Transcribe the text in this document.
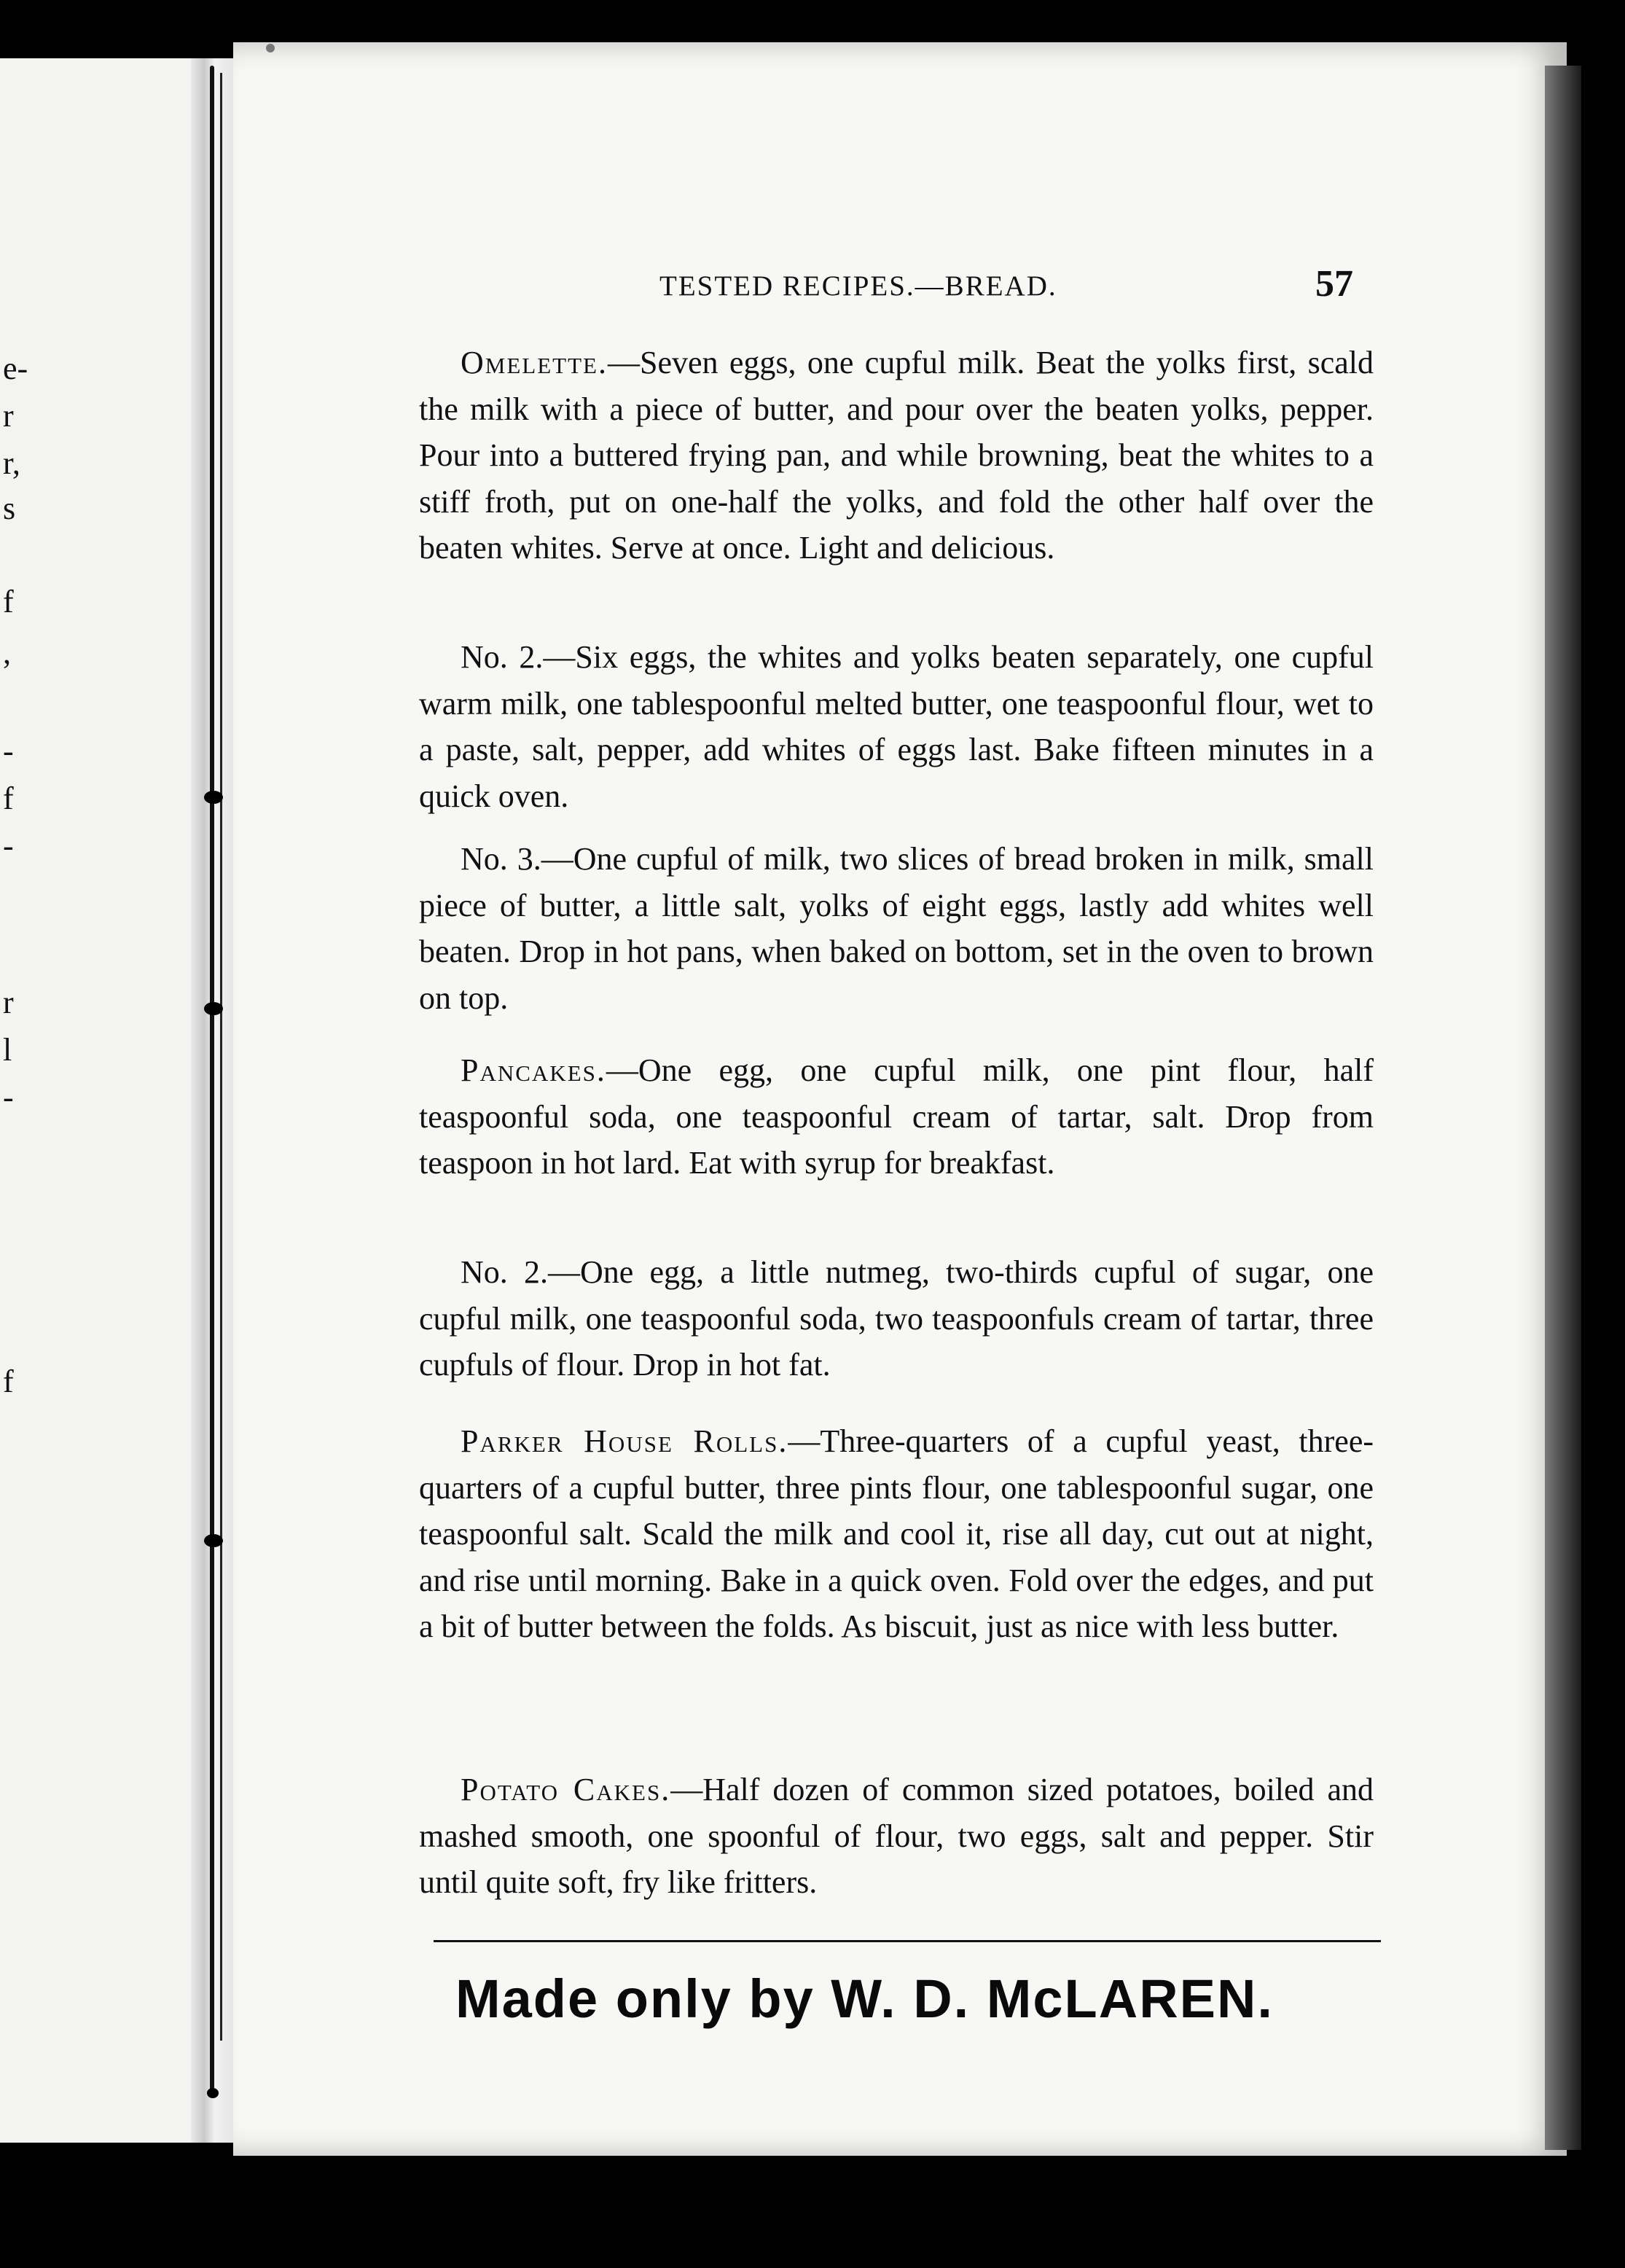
e-
r
r,
s
f
,
-
f
-
r
l
-
f
TESTED RECIPES.—BREAD.	57

Omelette.—Seven eggs, one cupful milk. Beat the yolks first, scald the milk with a piece of butter, and pour over the beaten yolks, pepper. Pour into a buttered frying pan, and while browning, beat the whites to a stiff froth, put on one-half the yolks, and fold the other half over the beaten whites. Serve at once. Light and delicious.

No. 2.—Six eggs, the whites and yolks beaten separately, one cupful warm milk, one tablespoonful melted butter, one teaspoonful flour, wet to a paste, salt, pepper, add whites of eggs last. Bake fifteen minutes in a quick oven.

No. 3.—One cupful of milk, two slices of bread broken in milk, small piece of butter, a little salt, yolks of eight eggs, lastly add whites well beaten. Drop in hot pans, when baked on bottom, set in the oven to brown on top.

Pancakes.—One egg, one cupful milk, one pint flour, half teaspoonful soda, one teaspoonful cream of tartar, salt. Drop from teaspoon in hot lard. Eat with syrup for breakfast.

No. 2.—One egg, a little nutmeg, two-thirds cupful of sugar, one cupful milk, one teaspoonful soda, two teaspoonfuls cream of tartar, three cupfuls of flour. Drop in hot fat.

Parker House Rolls.—Three-quarters of a cupful yeast, three-quarters of a cupful butter, three pints flour, one tablespoonful sugar, one teaspoonful salt. Scald the milk and cool it, rise all day, cut out at night, and rise until morning. Bake in a quick oven. Fold over the edges, and put a bit of butter between the folds. As biscuit, just as nice with less butter.

Potato Cakes.—Half dozen of common sized potatoes, boiled and mashed smooth, one spoonful of flour, two eggs, salt and pepper. Stir until quite soft, fry like fritters.

Made only by W. D. McLAREN.
